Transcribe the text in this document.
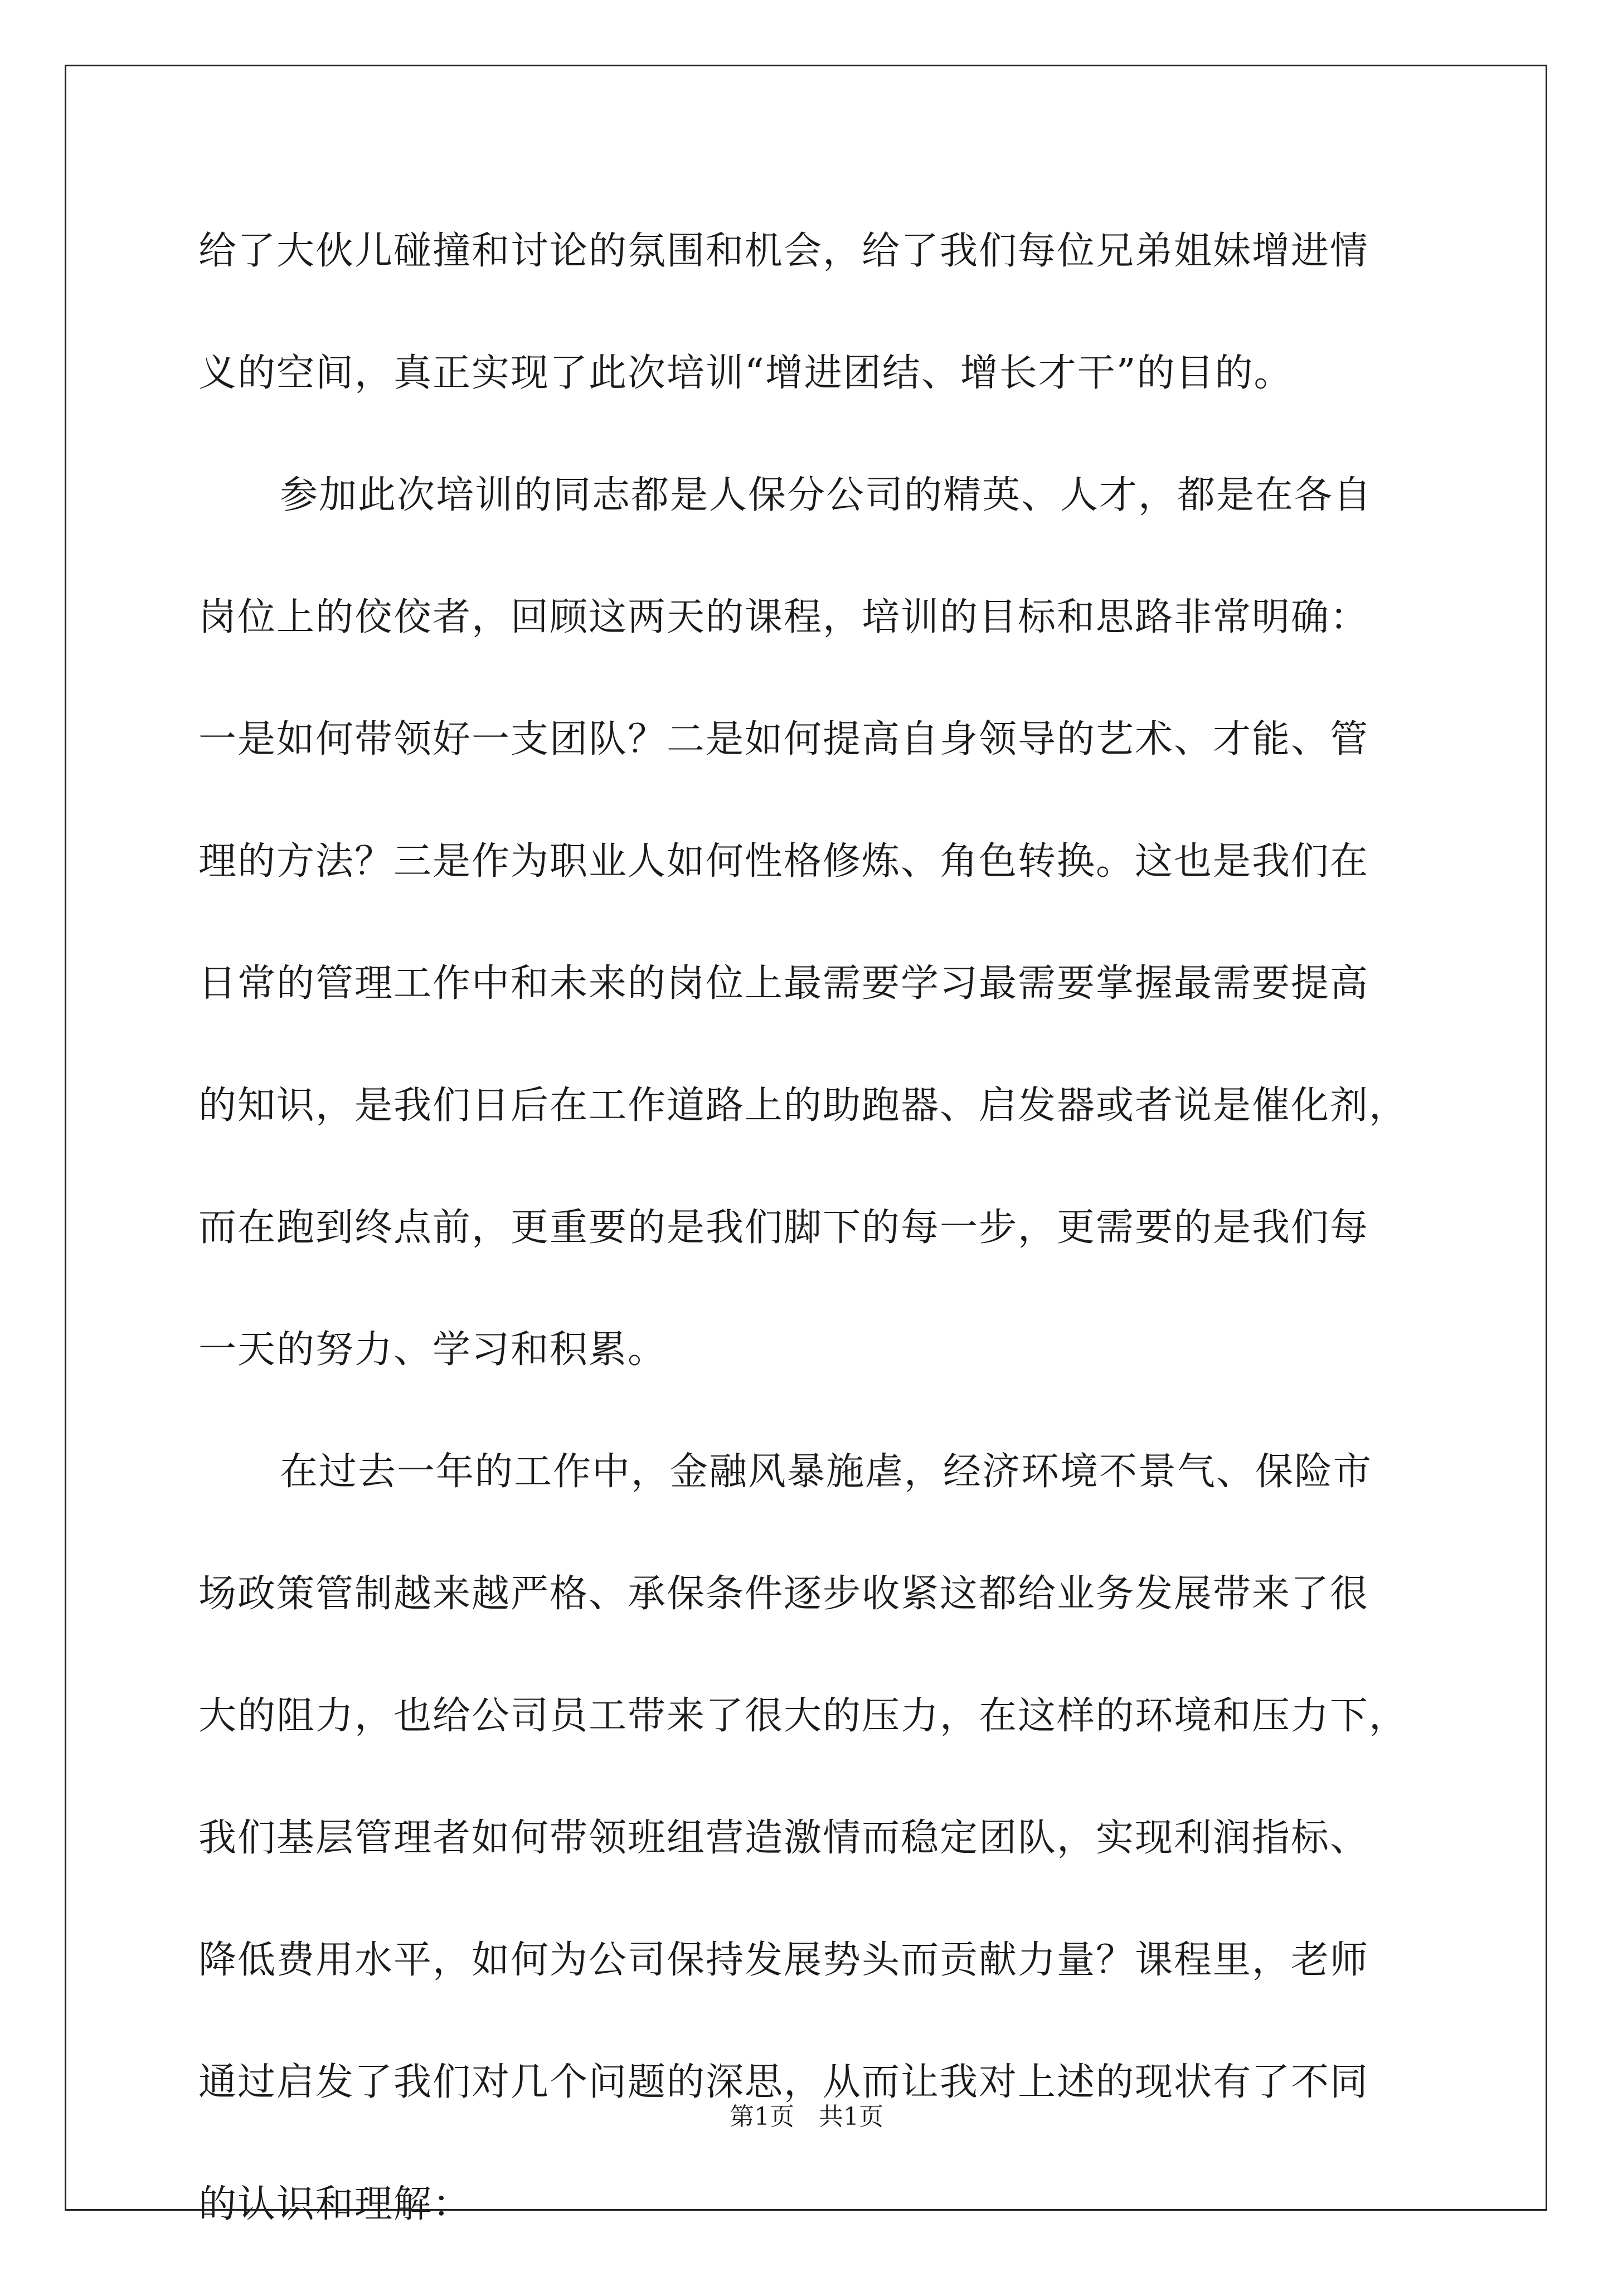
给了大伙儿碰撞和讨论的氛围和机会，给了我们每位兄弟姐妹增进情
义的空间，真正实现了此次培训“增进团结、增长才干”的目的。
参加此次培训的同志都是人保分公司的精英、人才，都是在各自
岗位上的佼佼者，回顾这两天的课程，培训的目标和思路非常明确：
一是如何带领好一支团队？二是如何提高自身领导的艺术、才能、管
理的方法？三是作为职业人如何性格修炼、角色转换。这也是我们在
日常的管理工作中和未来的岗位上最需要学习最需要掌握最需要提高
的知识，是我们日后在工作道路上的助跑器、启发器或者说是催化剂，
而在跑到终点前，更重要的是我们脚下的每一步，更需要的是我们每
一天的努力、学习和积累。
在过去一年的工作中，金融风暴施虐，经济环境不景气、保险市
场政策管制越来越严格、承保条件逐步收紧这都给业务发展带来了很
大的阻力，也给公司员工带来了很大的压力，在这样的环境和压力下，
我们基层管理者如何带领班组营造激情而稳定团队，实现利润指标、
降低费用水平，如何为公司保持发展势头而贡献力量？课程里，老师
通过启发了我们对几个问题的深思，从而让我对上述的现状有了不同
的认识和理解：
第1页　共1页
